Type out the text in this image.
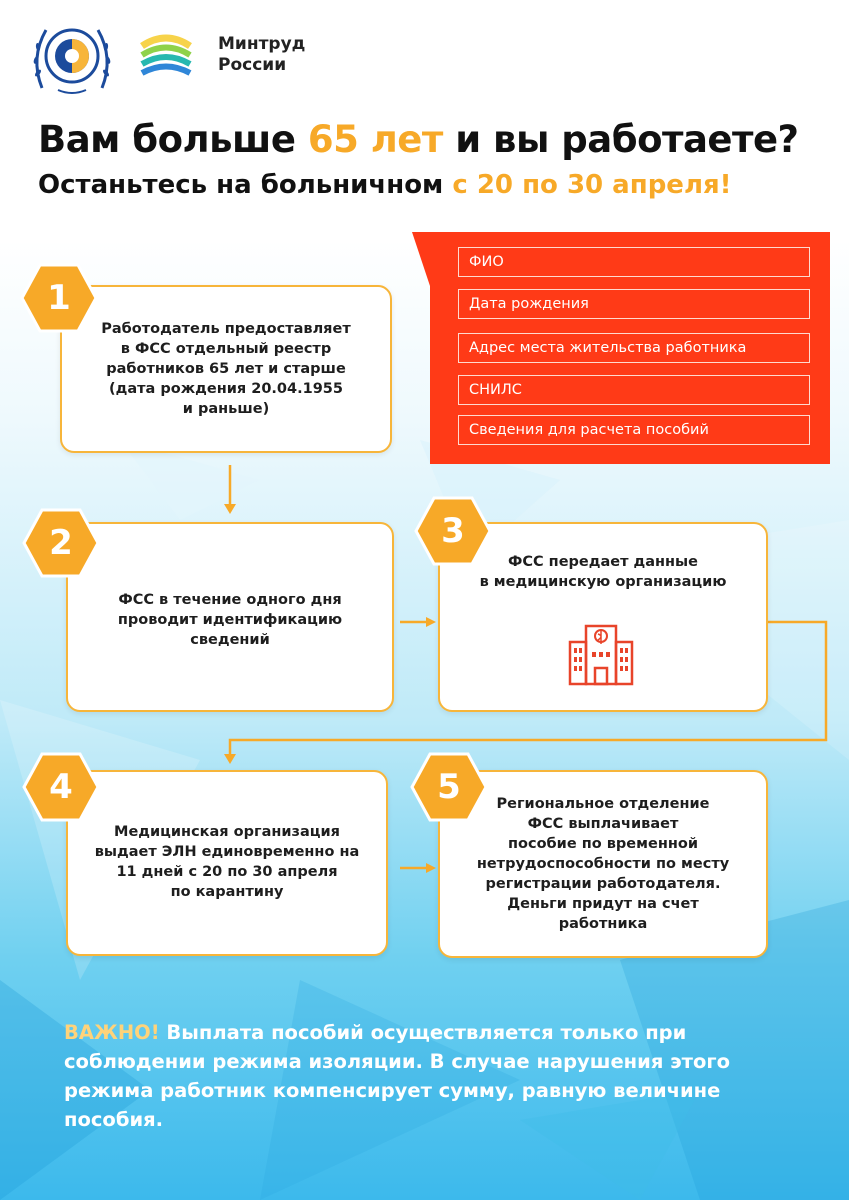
Минтруд
России
Вам больше 65 лет и вы работаете?
Останьтесь на больничном с 20 по 30 апреля!
ФИО
Дата рождения
Адрес места жительства работника
СНИЛС
Сведения для расчета пособий
Работодатель предоставляет
в ФСС отдельный реестр
работников 65 лет и старше
(дата рождения 20.04.1955
и раньше)
1
ФСС в течение одного дня
проводит идентификацию
сведений
2	ФСС передает данные
в медицинскую организацию
3
Медицинская организация
выдает ЭЛН единовременно на
11 дней с 20 по 30 апреля
по карантину
4	Региональное отделение
ФСС выплачивает
пособие по временной
нетрудоспособности по месту
регистрации работодателя.
Деньги придут на счет
работника
5
ВАЖНО! Выплата пособий осуществляется только при соблюдении режима изоляции. В случае нарушения этого режима работник компенсирует сумму, равную величине пособия.
